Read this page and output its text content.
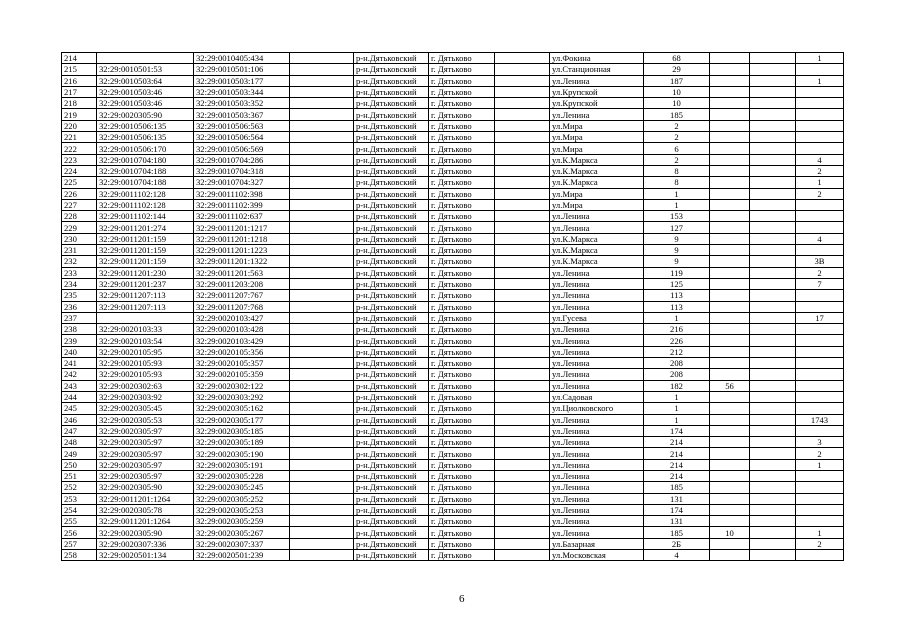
214		32:29:0010405:434		р-н.Дятьковский	г. Дятьково		ул.Фокина	68			1
215	32:29:0010501:53	32:29:0010501:106		р-н.Дятьковский	г. Дятьково		ул.Станционная	29			
216	32:29:0010503:64	32:29:0010503:177		р-н.Дятьковский	г. Дятьково		ул.Ленина	187			1
217	32:29:0010503:46	32:29:0010503:344		р-н.Дятьковский	г. Дятьково		ул.Крупской	10			
218	32:29:0010503:46	32:29:0010503:352		р-н.Дятьковский	г. Дятьково		ул.Крупской	10			
219	32:29:0020305:90	32:29:0010503:367		р-н.Дятьковский	г. Дятьково		ул.Ленина	185			
220	32:29:0010506:135	32:29:0010506:563		р-н.Дятьковский	г. Дятьково		ул.Мира	2			
221	32:29:0010506:135	32:29:0010506:564		р-н.Дятьковский	г. Дятьково		ул.Мира	2			
222	32:29:0010506:170	32:29:0010506:569		р-н.Дятьковский	г. Дятьково		ул.Мира	6			
223	32:29:0010704:180	32:29:0010704:286		р-н.Дятьковский	г. Дятьково		ул.К.Маркса	2			4
224	32:29:0010704:188	32:29:0010704:318		р-н.Дятьковский	г. Дятьково		ул.К.Маркса	8			2
225	32:29:0010704:188	32:29:0010704:327		р-н.Дятьковский	г. Дятьково		ул.К.Маркса	8			1
226	32:29:0011102:128	32:29:0011102:398		р-н.Дятьковский	г. Дятьково		ул.Мира	1			2
227	32:29:0011102:128	32:29:0011102:399		р-н.Дятьковский	г. Дятьково		ул.Мира	1			
228	32:29:0011102:144	32:29:0011102:637		р-н.Дятьковский	г. Дятьково		ул.Ленина	153			
229	32:29:0011201:274	32:29:0011201:1217		р-н.Дятьковский	г. Дятьково		ул.Ленина	127			
230	32:29:0011201:159	32:29:0011201:1218		р-н.Дятьковский	г. Дятьково		ул.К.Маркса	9			4
231	32:29:0011201:159	32:29:0011201:1223		р-н.Дятьковский	г. Дятьково		ул.К.Маркса	9			
232	32:29:0011201:159	32:29:0011201:1322		р-н.Дятьковский	г. Дятьково		ул.К.Маркса	9			3В
233	32:29:0011201:230	32:29:0011201:563		р-н.Дятьковский	г. Дятьково		ул.Ленина	119			2
234	32:29:0011201:237	32:29:0011203:208		р-н.Дятьковский	г. Дятьково		ул.Ленина	125			7
235	32:29:0011207:113	32:29:0011207:767		р-н.Дятьковский	г. Дятьково		ул.Ленина	113			
236	32:29:0011207:113	32:29:0011207:768		р-н.Дятьковский	г. Дятьково		ул.Ленина	113			
237		32:29:0020103:427		р-н.Дятьковский	г. Дятьково		ул.Гусева	1			17
238	32:29:0020103:33	32:29:0020103:428		р-н.Дятьковский	г. Дятьково		ул.Ленина	216			
239	32:29:0020103:54	32:29:0020103:429		р-н.Дятьковский	г. Дятьково		ул.Ленина	226			
240	32:29:0020105:95	32:29:0020105:356		р-н.Дятьковский	г. Дятьково		ул.Ленина	212			
241	32:29:0020105:93	32:29:0020105:357		р-н.Дятьковский	г. Дятьково		ул.Ленина	208			
242	32:29:0020105:93	32:29:0020105:359		р-н.Дятьковский	г. Дятьково		ул.Ленина	208			
243	32:29:0020302:63	32:29:0020302:122		р-н.Дятьковский	г. Дятьково		ул.Ленина	182	56		
244	32:29:0020303:92	32:29:0020303:292		р-н.Дятьковский	г. Дятьково		ул.Садовая	1			
245	32:29:0020305:45	32:29:0020305:162		р-н.Дятьковский	г. Дятьково		ул.Циолковского	1			
246	32:29:0020305:53	32:29:0020305:177		р-н.Дятьковский	г. Дятьково		ул.Ленина	1			1743
247	32:29:0020305:97	32:29:0020305:185		р-н.Дятьковский	г. Дятьково		ул.Ленина	174			
248	32:29:0020305:97	32:29:0020305:189		р-н.Дятьковский	г. Дятьково		ул.Ленина	214			3
249	32:29:0020305:97	32:29:0020305:190		р-н.Дятьковский	г. Дятьково		ул.Ленина	214			2
250	32:29:0020305:97	32:29:0020305:191		р-н.Дятьковский	г. Дятьково		ул.Ленина	214			1
251	32:29:0020305:97	32:29:0020305:228		р-н.Дятьковский	г. Дятьково		ул.Ленина	214			
252	32:29:0020305:90	32:29:0020305:245		р-н.Дятьковский	г. Дятьково		ул.Ленина	185			
253	32:29:0011201:1264	32:29:0020305:252		р-н.Дятьковский	г. Дятьково		ул.Ленина	131			
254	32:29:0020305:78	32:29:0020305:253		р-н.Дятьковский	г. Дятьково		ул.Ленина	174			
255	32:29:0011201:1264	32:29:0020305:259		р-н.Дятьковский	г. Дятьково		ул.Ленина	131			
256	32:29:0020305:90	32:29:0020305:267		р-н.Дятьковский	г. Дятьково		ул.Ленина	185	10		1
257	32:29:0020307:336	32:29:0020307:337		р-н.Дятьковский	г. Дятьково		ул.Базарная	2Б			2
258	32:29:0020501:134	32:29:0020501:239		р-н.Дятьковский	г. Дятьково		ул.Московская	4			
6
